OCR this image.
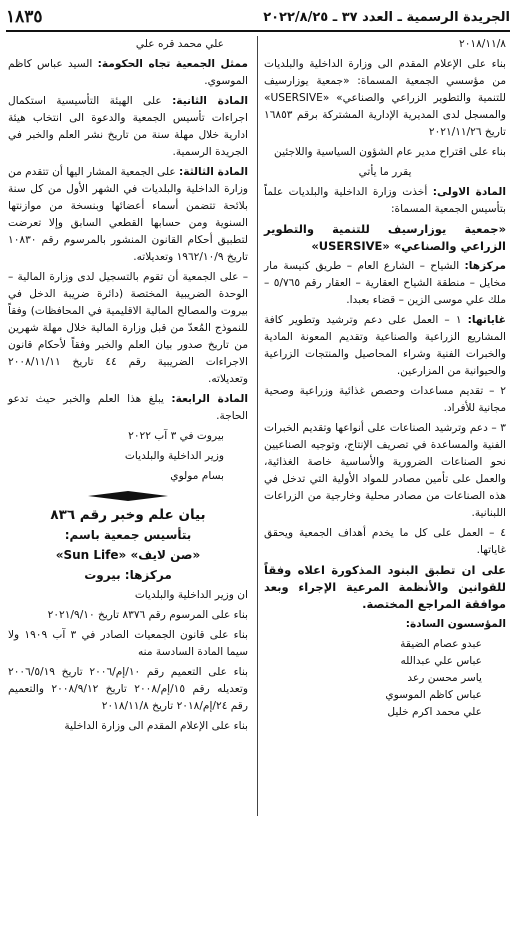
الجريدة الرسمية ـ العدد ٣٧ ـ ٢٠٢٢/٨/٢٥
١٨٣٥

٢٠١٨/١١/٨

بناء على الإعلام المقدم الى وزارة الداخلية والبلديات من مؤسسي الجمعية المسماة: «جمعية يوزارسيف للتنمية والتطوير الزراعي والصناعي» «USERSIVE» والمسجل لدى المديرية الإدارية المشتركة برقم ١٦٨٥٣ تاريخ ٢٠٢١/١١/٢٦

بناء على اقتراح مدير عام الشؤون السياسية واللاجئين

يقرر ما يأتي

المادة الاولى: أخذت وزارة الداخلية والبلديات علماً بتأسيس الجمعية المسماة:

«جمعية يوزارسيف للتنمية والتطوير الزراعي والصناعي» «USERSIVE»

مركزها: الشياح – الشارع العام – طريق كنيسة مار مخايل – منطقة الشياح العقارية – العقار رقم ٥/٧٦٥ – ملك علي موسى الزين – قضاء بعبدا.

غاياتها: ١ – العمل على دعم وترشيد وتطوير كافة المشاريع الزراعية والصناعية وتقديم المعونة المادية والخبرات الفنية وشراء المحاصيل والمنتجات الزراعية والحيوانية من المزارعين.

٢ – تقديم مساعدات وحصص غذائية وزراعية وصحية مجانية للأفراد.

٣ – دعم وترشيد الصناعات على أنواعها وتقديم الخبرات الفنية والمساعدة في تصريف الإنتاج، وتوجيه الصناعيين نحو الصناعات الضرورية والأساسية خاصة الغذائية، والعمل على تأمين مصادر للمواد الأولية التي تدخل في هذه الصناعات من مصادر محلية وخارجية من الزراعات اللبنانية.

٤ – العمل على كل ما يخدم أهداف الجمعية ويحقق غاياتها.

على ان تطبق البنود المذكورة اعلاه وفقاً للقوانين والأنظمة المرعية الإجراء وبعد موافقة المراجع المختصة.

المؤسسون السادة:

عبدو عصام الضيقة
عباس علي عبدالله
ياسر محسن رعد
عباس كاظم الموسوي
علي محمد اكرم خليل

علي محمد قره علي

ممثل الجمعية تجاه الحكومة: السيد عباس كاظم الموسوي.

المادة الثانية: على الهيئة التأسيسية استكمال اجراءات تأسيس الجمعية والدعوة الى انتخاب هيئة ادارية خلال مهلة سنة من تاريخ نشر العلم والخبر في الجريدة الرسمية.

المادة الثالثة: على الجمعية المشار اليها أن تتقدم من وزارة الداخلية والبلديات في الشهر الأول من كل سنة بلائحة تتضمن أسماء أعضائها وبنسخة من موازنتها السنوية ومن حسابها القطعي السابق وإلا تعرضت لتطبيق أحكام القانون المنشور بالمرسوم رقم ١٠٨٣٠ تاريخ ١٩٦٢/١٠/٩ وتعديلاته.

– على الجمعية أن تقوم بالتسجيل لدى وزارة المالية – الوحدة الضريبية المختصة (دائرة ضريبة الدخل في بيروت والمصالح المالية الاقليمية في المحافظات) وفقاً للنموذج المُعدّ من قبل وزارة المالية خلال مهلة شهرين من تاريخ صدور بيان العلم والخبر وفقاً لأحكام قانون الاجراءات الضريبية رقم ٤٤ تاريخ ٢٠٠٨/١١/١١ وتعديلاته.

المادة الرابعة: يبلغ هذا العلم والخبر حيث تدعو الحاجة.

بيروت في ٣ آب ٢٠٢٢

وزير الداخلية والبلديات

بسام مولوي

بيان علم وخبر رقم ٨٣٦

بتأسيس جمعية باسم:

«صن لايف» «Sun Life»

مركزها: بيروت

ان وزير الداخلية والبلديات

بناء على المرسوم رقم ٨٣٧٦ تاريخ ٢٠٢١/٩/١٠

بناء على قانون الجمعيات الصادر في ٣ آب ١٩٠٩ ولا سيما المادة السادسة منه

بناء على التعميم رقم ١٠/إم/٢٠٠٦ تاريخ ٢٠٠٦/٥/١٩ وتعديله رقم ١٥/إم/٢٠٠٨ تاريخ ٢٠٠٨/٩/١٢ والتعميم رقم ٢٤/إم/٢٠١٨ تاريخ ٢٠١٨/١١/٨

بناء على الإعلام المقدم الى وزارة الداخلية
